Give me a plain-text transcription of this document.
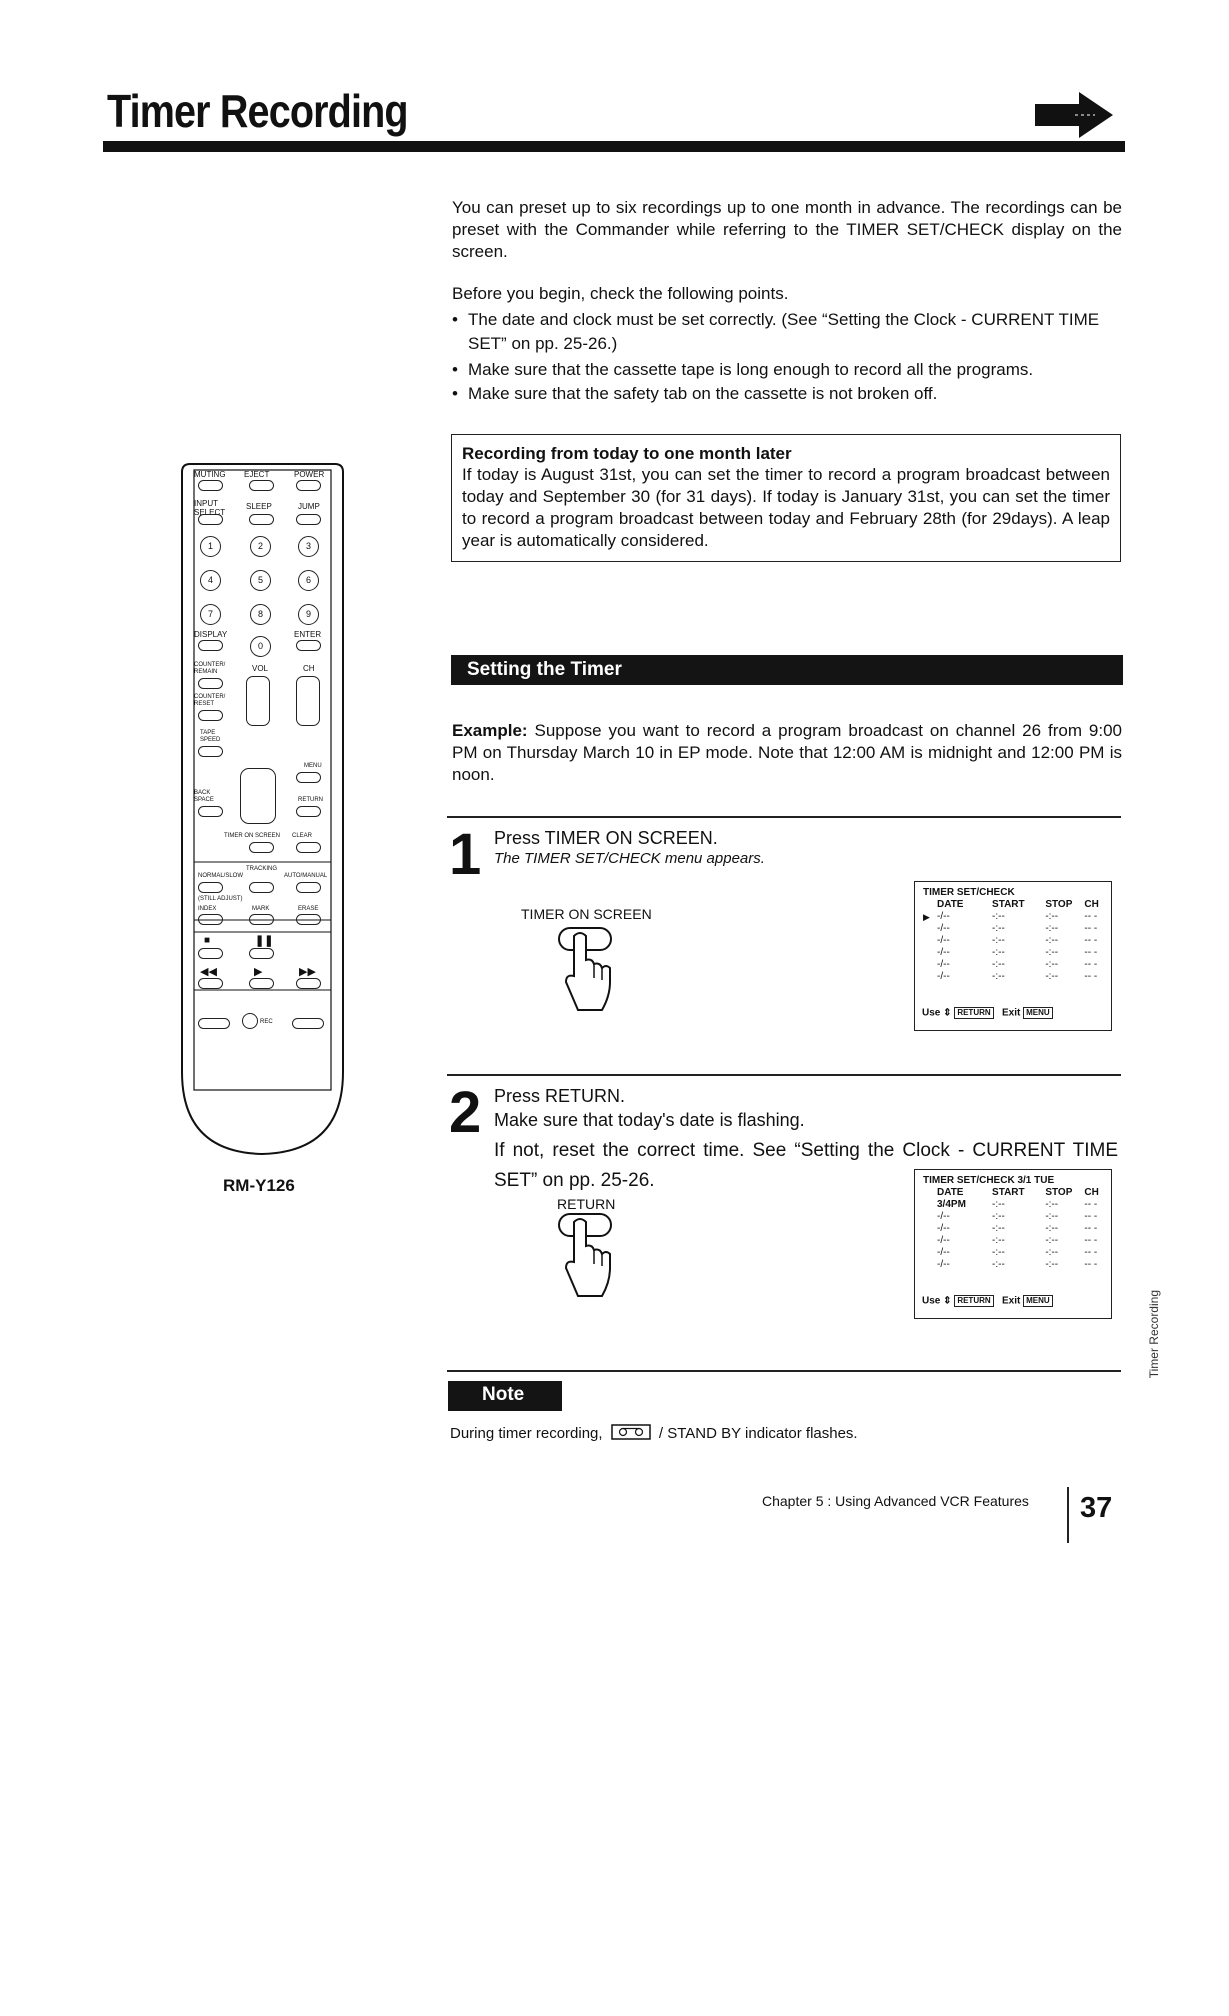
Timer Recording
You can preset up to six recordings up to one month in advance. The recordings can be preset with the Commander while referring to the TIMER SET/CHECK display on the screen.
Before you begin, check the following points.
• The date and clock must be set correctly. (See “Setting the Clock - CURRENT TIME SET” on pp. 25-26.)
• Make sure that the cassette tape is long enough to record all the programs.
• Make sure that the safety tab on the cassette is not broken off.
Recording from today to one month later
If today is August 31st, you can set the timer to record a program broadcast between today and September 30 (for 31 days). If today is January 31st, you can set the timer to record a program broadcast between today and February 28th (for 29days). A leap year is automatically considered.
Setting the Timer
Example: Suppose you want to record a program broadcast on channel 26 from 9:00 PM on Thursday March 10 in EP mode. Note that 12:00 AM is midnight and 12:00 PM is noon.
1 Press TIMER ON SCREEN.
The TIMER SET/CHECK menu appears.
TIMER ON SCREEN
TIMER SET/CHECK
DATE	START	STOP	CH
▶ -/--	-:--	-:--	-- -
-/--	-:--	-:--	-- -
-/--	-:--	-:--	-- -
-/--	-:--	-:--	-- -
-/--	-:--	-:--	-- -
-/--	-:--	-:--	-- -
Use ⇕ RETURN Exit MENU
2 Press RETURN.
Make sure that today's date is flashing.
If not, reset the correct time. See “Setting the Clock - CURRENT TIME SET” on pp. 25-26.
RETURN
TIMER SET/CHECK 3/1 TUE
DATE	START	STOP	CH
3/4PM	-:--	-:--	-- -
-/--	-:--	-:--	-- -
-/--	-:--	-:--	-- -
-/--	-:--	-:--	-- -
-/--	-:--	-:--	-- -
-/--	-:--	-:--	-- -
Use ⇕ RETURN Exit MENU
Note
During timer recording,	/ STAND BY indicator flashes.
Chapter 5 : Using Advanced VCR Features 37
Timer Recording
MUTING EJECT	POWER
INPUT SELECT
SLEEP	JUMP
1	2	3
4	5	6
7	8	9
DISPLAY	ENTER
0
COUNTER/ REMAIN	VOL	CH
COUNTER/ RESET
TAPE SPEED
MENU
BACK SPACE	RETURN
TIMER ON SCREEN CLEAR
TRACKING
NORMAL/SLOW	AUTO/MANUAL
(STILL ADJUST)
INDEX	MARK	ERASE
■	❚❚
◀◀	▶	▶▶
REC
RM-Y126
